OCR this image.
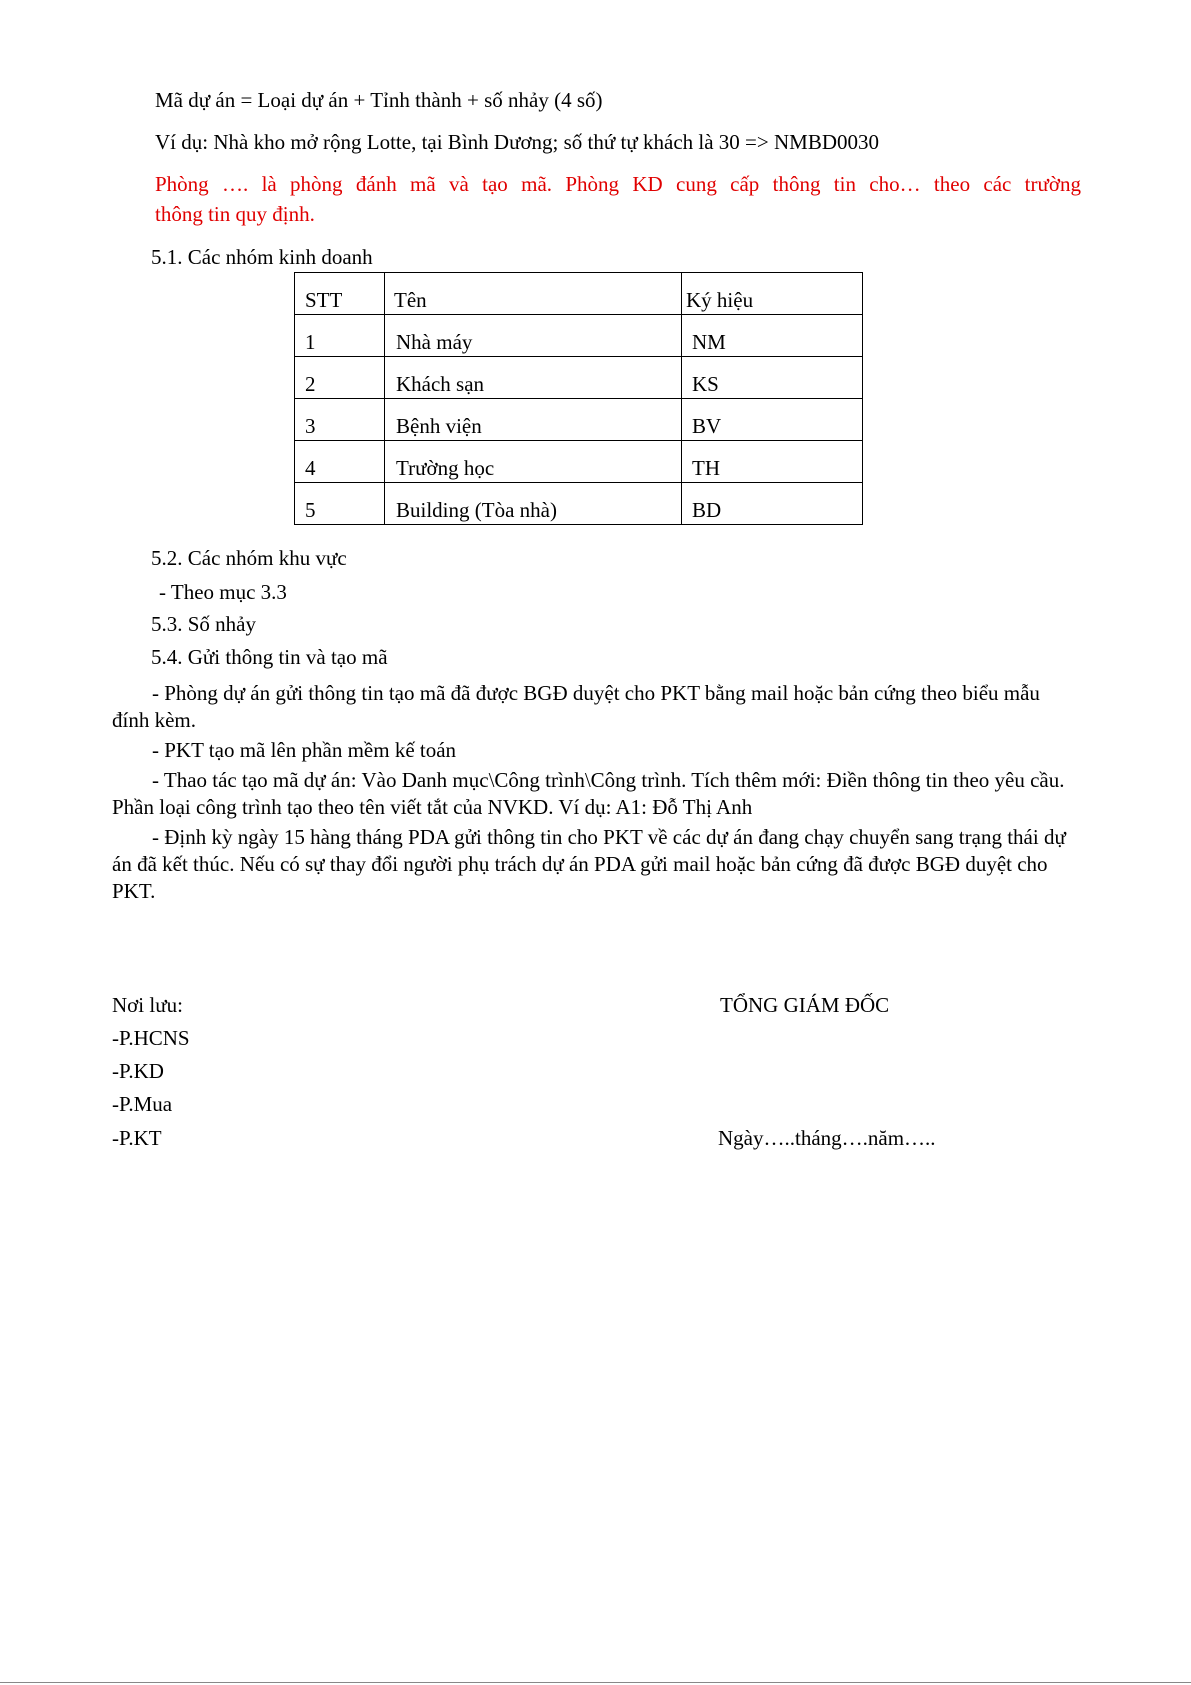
Mã dự án = Loại dự án + Tỉnh thành + số nhảy (4 số)
Ví dụ: Nhà kho mở rộng Lotte, tại Bình Dương; số thứ tự khách là 30 => NMBD0030
Phòng …. là phòng đánh mã và tạo mã. Phòng KD cung cấp thông tin cho… theo các trường
thông tin quy định.
5.1. Các nhóm kinh doanh
STT	Tên	Ký hiệu

1	Nhà máy	NM

2	Khách sạn	KS

3	Bệnh viện	BV

4	Trường học	TH

5	Building (Tòa nhà)	BD
5.2. Các nhóm khu vực
- Theo mục 3.3
5.3. Số nhảy
5.4. Gửi thông tin và tạo mã

- Phòng dự án gửi thông tin tạo mã đã được BGĐ duyệt cho PKT bằng mail hoặc bản cứng theo biểu mẫu đính kèm.

- PKT tạo mã lên phần mềm kế toán

- Thao tác tạo mã dự án: Vào Danh mục\Công trình\Công trình. Tích thêm mới: Điền thông tin theo yêu cầu. Phần loại công trình tạo theo tên viết tắt của NVKD. Ví dụ: A1: Đỗ Thị Anh

- Định kỳ ngày 15 hàng tháng PDA gửi thông tin cho PKT về các dự án đang chạy chuyển sang trạng thái dự án đã kết thúc. Nếu có sự thay đổi người phụ trách dự án PDA gửi mail hoặc bản cứng đã được BGĐ duyệt cho PKT.

Nơi lưu:
-P.HCNS
-P.KD
-P.Mua
-P.KT
TỔNG GIÁM ĐỐC
Ngày…..tháng….năm…..
